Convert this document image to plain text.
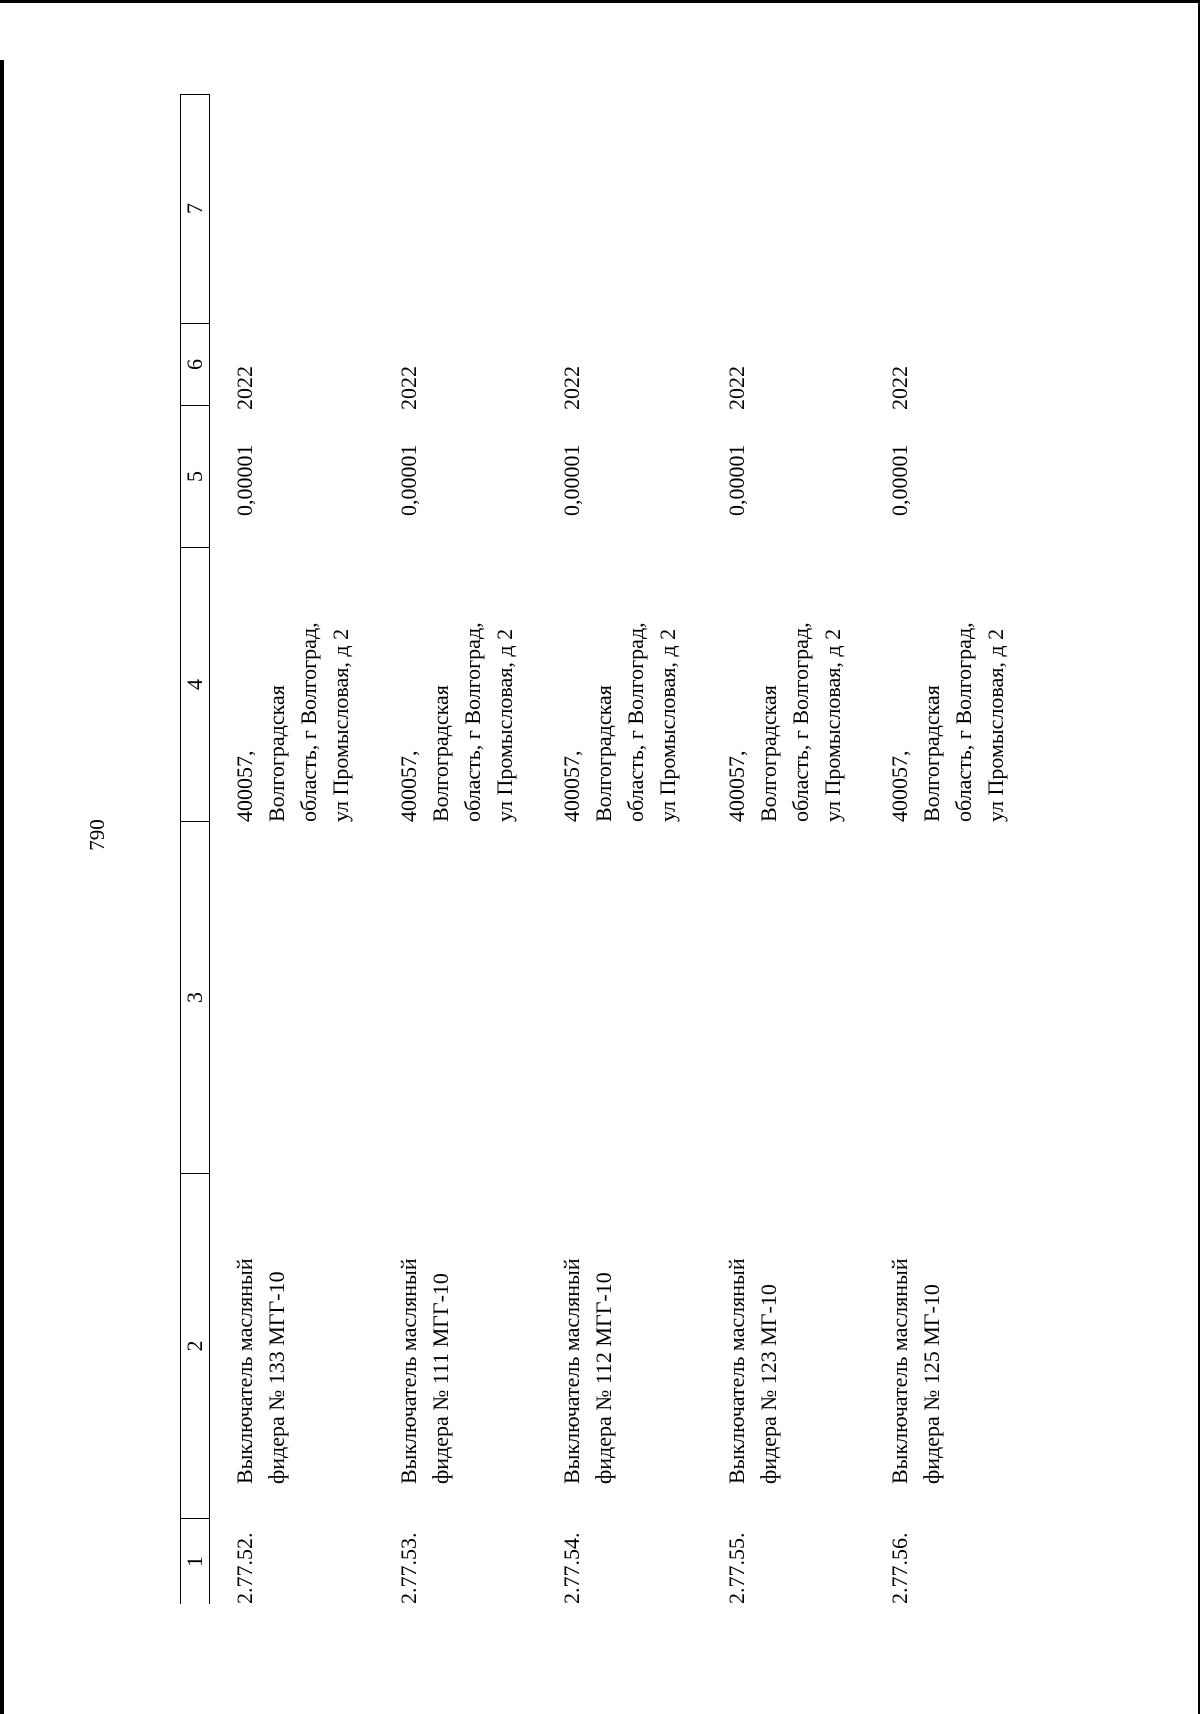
790
1
2
3
4
5
6
7
2.77.52.
Выключатель масляный фидера № 133 МГГ-10
400057, Волгоградская область, г Волгоград, ул Промысловая, д 2
0,00001
2022
2.77.53.
Выключатель масляный фидера № 111 МГГ-10
400057, Волгоградская область, г Волгоград, ул Промысловая, д 2
0,00001
2022
2.77.54.
Выключатель масляный фидера № 112 МГГ-10
400057, Волгоградская область, г Волгоград, ул Промысловая, д 2
0,00001
2022
2.77.55.
Выключатель масляный фидера № 123 МГ-10
400057, Волгоградская область, г Волгоград, ул Промысловая, д 2
0,00001
2022
2.77.56.
Выключатель масляный фидера № 125 МГ-10
400057, Волгоградская область, г Волгоград, ул Промысловая, д 2
0,00001
2022
